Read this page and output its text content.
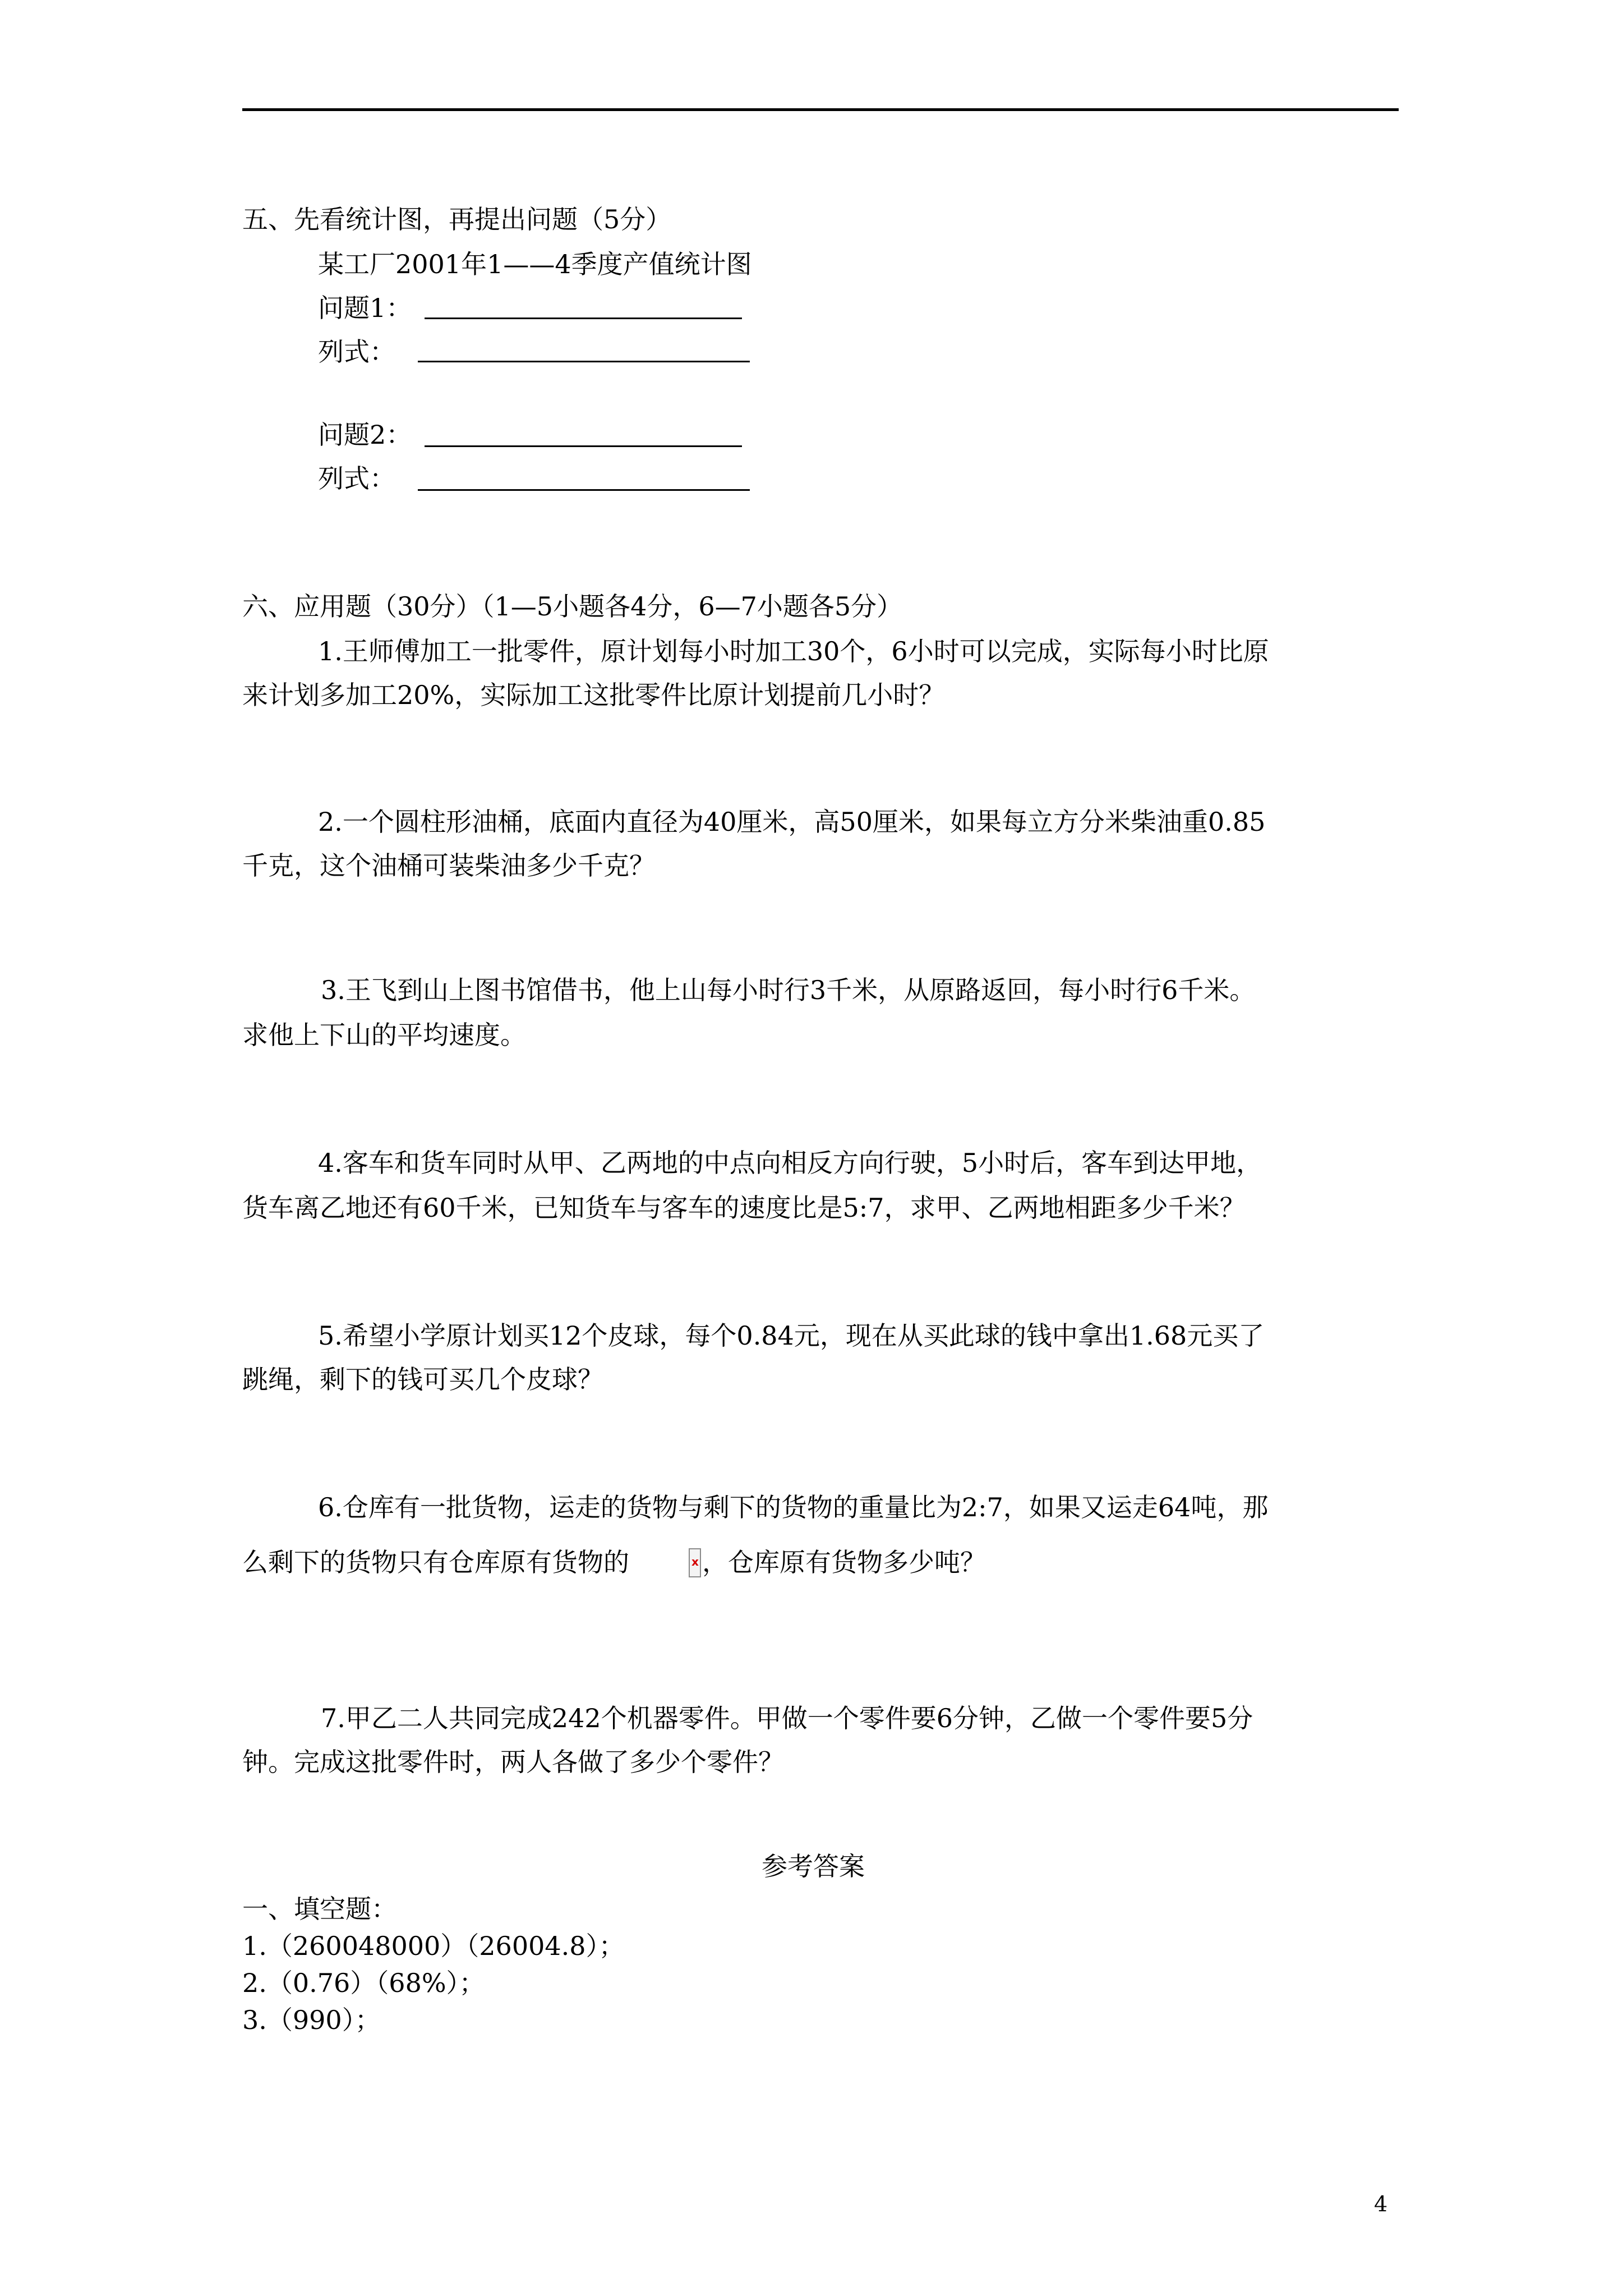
五、先看统计图，再提出问题（5分）

某工厂2001年1——4季度产值统计图

问题1：

列式：

问题2：

列式：

六、应用题（30分）（1—5小题各4分，6—7小题各5分）

1.王师傅加工一批零件，原计划每小时加工30个，6小时可以完成，实际每小时比原

来计划多加工20%，实际加工这批零件比原计划提前几小时？

2.一个圆柱形油桶，底面内直径为40厘米，高50厘米，如果每立方分米柴油重0.85

千克，这个油桶可装柴油多少千克？

3.王飞到山上图书馆借书，他上山每小时行3千米，从原路返回，每小时行6千米。

求他上下山的平均速度。

4.客车和货车同时从甲、乙两地的中点向相反方向行驶，5小时后，客车到达甲地，

货车离乙地还有60千米，已知货车与客车的速度比是5:7，求甲、乙两地相距多少千米？

5.希望小学原计划买12个皮球，每个0.84元，现在从买此球的钱中拿出1.68元买了

跳绳，剩下的钱可买几个皮球？

6.仓库有一批货物，运走的货物与剩下的货物的重量比为2:7，如果又运走64吨，那

么剩下的货物只有仓库原有货物的	x ，仓库原有货物多少吨？

7.甲乙二人共同完成242个机器零件。甲做一个零件要6分钟，乙做一个零件要5分

钟。完成这批零件时，两人各做了多少个零件？

参考答案

一、填空题：

1.（260048000）（26004.8）；

2.（0.76）（68%）；

3.（990）；

4
